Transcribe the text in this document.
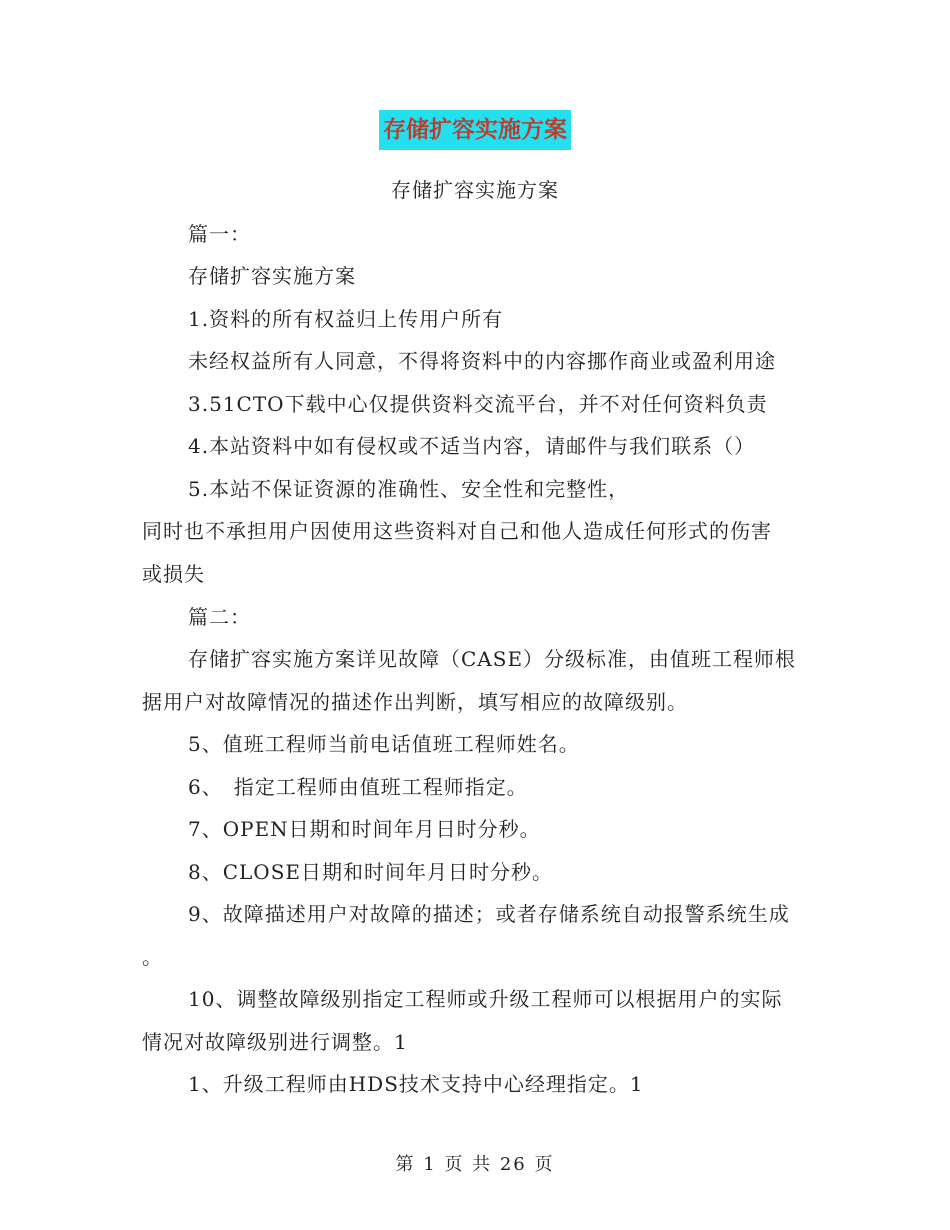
存储扩容实施方案
存储扩容实施方案
篇一：
存储扩容实施方案
1.资料的所有权益归上传用户所有
未经权益所有人同意，不得将资料中的内容挪作商业或盈利用途
3.51CTO下载中心仅提供资料交流平台，并不对任何资料负责
4.本站资料中如有侵权或不适当内容，请邮件与我们联系（）
5.本站不保证资源的准确性、安全性和完整性，
同时也不承担用户因使用这些资料对自己和他人造成任何形式的伤害
或损失
篇二：
存储扩容实施方案详见故障（CASE）分级标准，由值班工程师根
据用户对故障情况的描述作出判断，填写相应的故障级别。
5、值班工程师当前电话值班工程师姓名。
6、　指定工程师由值班工程师指定。
7、OPEN日期和时间年月日时分秒。
8、CLOSE日期和时间年月日时分秒。
9、故障描述用户对故障的描述；或者存储系统自动报警系统生成
。
10、调整故障级别指定工程师或升级工程师可以根据用户的实际
情况对故障级别进行调整。1
1、升级工程师由HDS技术支持中心经理指定。1
第 1 页 共 26 页
